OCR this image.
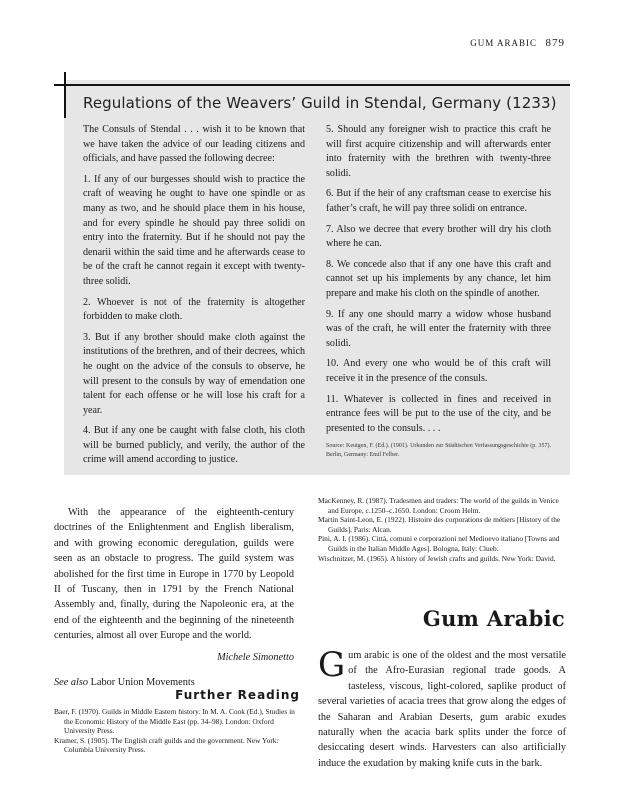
GUM ARABIC 879
Regulations of the Weavers’ Guild in Stendal, Germany (1233)

The Consuls of Stendal . . . wish it to be known that we have taken the advice of our leading citizens and officials, and have passed the following decree:

1. If any of our burgesses should wish to practice the craft of weaving he ought to have one spindle or as many as two, and he should place them in his house, and for every spindle he should pay three solidi on entry into the fraternity. But if he should not pay the denarii within the said time and he afterwards cease to be of the craft he cannot regain it except with twenty-three solidi.

2. Whoever is not of the fraternity is altogether forbidden to make cloth.

3. But if any brother should make cloth against the institutions of the brethren, and of their decrees, which he ought on the advice of the consuls to observe, he will present to the consuls by way of emendation one talent for each offense or he will lose his craft for a year.

4. But if any one be caught with false cloth, his cloth will be burned publicly, and verily, the author of the crime will amend according to justice.

5. Should any foreigner wish to practice this craft he will first acquire citizenship and will afterwards enter into fraternity with the brethren with twenty-three solidi.

6. But if the heir of any craftsman cease to exercise his father’s craft, he will pay three solidi on entrance.

7. Also we decree that every brother will dry his cloth where he can.

8. We concede also that if any one have this craft and cannot set up his implements by any chance, let him prepare and make his cloth on the spindle of another.

9. If any one should marry a widow whose husband was of the craft, he will enter the fraternity with three solidi.

10. And every one who would be of this craft will receive it in the presence of the consuls.

11. Whatever is collected in fines and received in entrance fees will be put to the use of the city, and be presented to the consuls. . . .

Source: Keutgen, F. (Ed.). (1901). Urkunden zur Städtischen Verfassungsgeschichte (p. 357). Berlin, Germany: Emil Felber.

With the appearance of the eighteenth-century doctrines of the Enlightenment and English liberalism, and with growing economic deregulation, guilds were seen as an obstacle to progress. The guild system was abolished for the first time in Europe in 1770 by Leopold II of Tuscany, then in 1791 by the French National Assembly and, finally, during the Napoleonic era, at the end of the eighteenth and the beginning of the nineteenth centuries, almost all over Europe and the world.

Michele Simonetto
See also Labor Union Movements
Further Reading

Baer, F. (1970). Guilds in Middle Eastern history. In M. A. Cook (Ed.), Studies in the Economic History of the Middle East (pp. 34–98). London: Oxford University Press.

Kramer, S. (1905). The English craft guilds and the government. New York: Columbia University Press.

MacKenney, R. (1987). Tradesmen and traders: The world of the guilds in Venice and Europe, c.1250–c.1650. London: Croom Helm.

Martin Saint-Leon, E. (1922). Histoire des corporations de métiers [History of the Guilds]. Paris: Alcan.

Pini, A. I. (1986). Città, comuni e corporazioni nel Medioevo italiano [Towns and Guilds in the Italian Middle Ages]. Bologna, Italy: Clueb.

Wischnitzer, M. (1965). A history of Jewish crafts and guilds. New York: David.

Gum Arabic
Gum arabic is one of the oldest and the most versatile of the Afro-Eurasian regional trade goods. A tasteless, viscous, light-colored, saplike product of several varieties of acacia trees that grow along the edges of the Saharan and Arabian Deserts, gum arabic exudes naturally when the acacia bark splits under the force of desiccating desert winds. Harvesters can also artificially induce the exudation by making knife cuts in the bark.
